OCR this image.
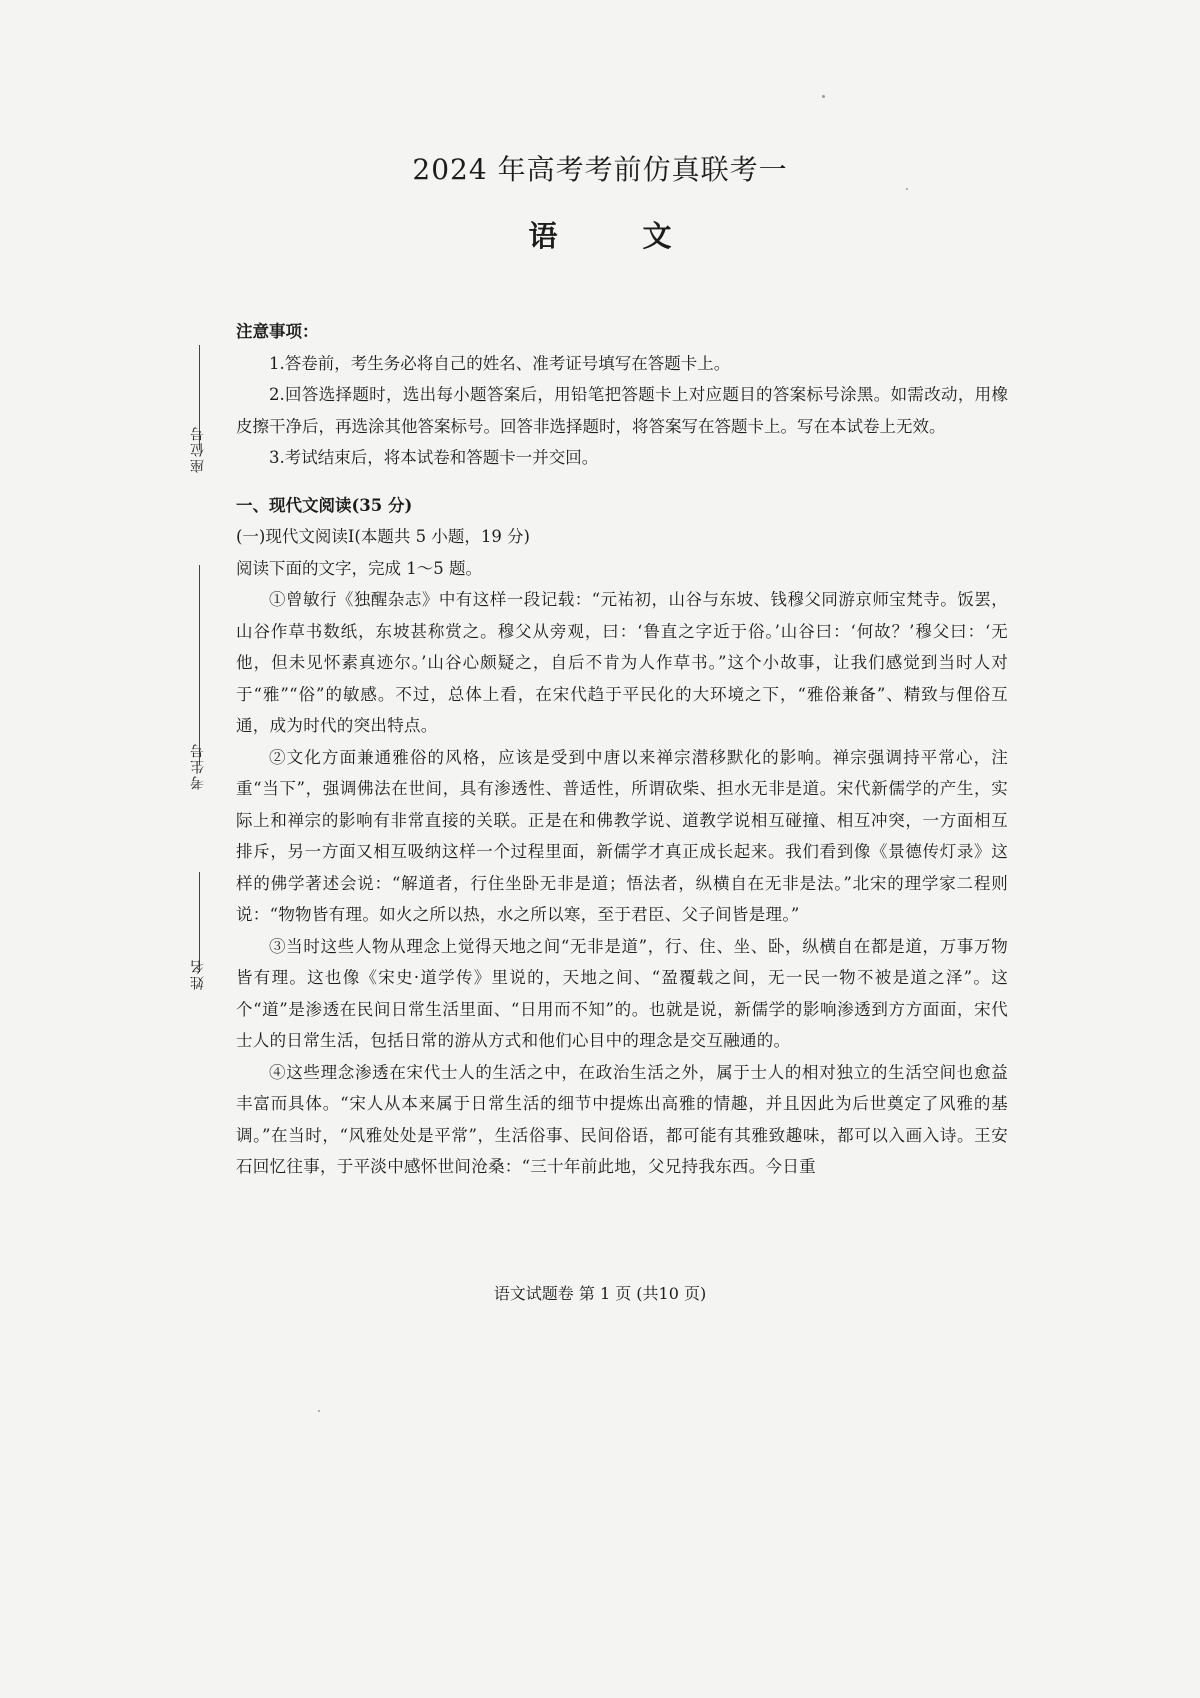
2024 年高考考前仿真联考一
语　文
座位号
考生号
姓名

注意事项：

1.答卷前，考生务必将自己的姓名、准考证号填写在答题卡上。

2.回答选择题时，选出每小题答案后，用铅笔把答题卡上对应题目的答案标号涂黑。如需改动，用橡皮擦干净后，再选涂其他答案标号。回答非选择题时，将答案写在答题卡上。写在本试卷上无效。

3.考试结束后，将本试卷和答题卡一并交回。

一、现代文阅读(35 分)

(一)现代文阅读Ⅰ(本题共 5 小题，19 分)

阅读下面的文字，完成 1～5 题。

①曾敏行《独醒杂志》中有这样一段记载：“元祐初，山谷与东坡、钱穆父同游京师宝梵寺。饭罢，山谷作草书数纸，东坡甚称赏之。穆父从旁观，曰：‘鲁直之字近于俗。’山谷曰：‘何故？’穆父曰：‘无他，但未见怀素真迹尔。’山谷心颇疑之，自后不肯为人作草书。”这个小故事，让我们感觉到当时人对于“雅”“俗”的敏感。不过，总体上看，在宋代趋于平民化的大环境之下，“雅俗兼备”、精致与俚俗互通，成为时代的突出特点。

②文化方面兼通雅俗的风格，应该是受到中唐以来禅宗潜移默化的影响。禅宗强调持平常心，注重“当下”，强调佛法在世间，具有渗透性、普适性，所谓砍柴、担水无非是道。宋代新儒学的产生，实际上和禅宗的影响有非常直接的关联。正是在和佛教学说、道教学说相互碰撞、相互冲突，一方面相互排斥，另一方面又相互吸纳这样一个过程里面，新儒学才真正成长起来。我们看到像《景德传灯录》这样的佛学著述会说：“解道者，行住坐卧无非是道；悟法者，纵横自在无非是法。”北宋的理学家二程则说：“物物皆有理。如火之所以热，水之所以寒，至于君臣、父子间皆是理。”

③当时这些人物从理念上觉得天地之间“无非是道”，行、住、坐、卧，纵横自在都是道，万事万物皆有理。这也像《宋史·道学传》里说的，天地之间、“盈覆载之间，无一民一物不被是道之泽”。这个“道”是渗透在民间日常生活里面、“日用而不知”的。也就是说，新儒学的影响渗透到方方面面，宋代士人的日常生活，包括日常的游从方式和他们心目中的理念是交互融通的。

④这些理念渗透在宋代士人的生活之中，在政治生活之外，属于士人的相对独立的生活空间也愈益丰富而具体。“宋人从本来属于日常生活的细节中提炼出高雅的情趣，并且因此为后世奠定了风雅的基调。”在当时，“风雅处处是平常”，生活俗事、民间俗语，都可能有其雅致趣味，都可以入画入诗。王安石回忆往事，于平淡中感怀世间沧桑：“三十年前此地，父兄持我东西。今日重

语文试题卷 第 1 页 (共10 页)
